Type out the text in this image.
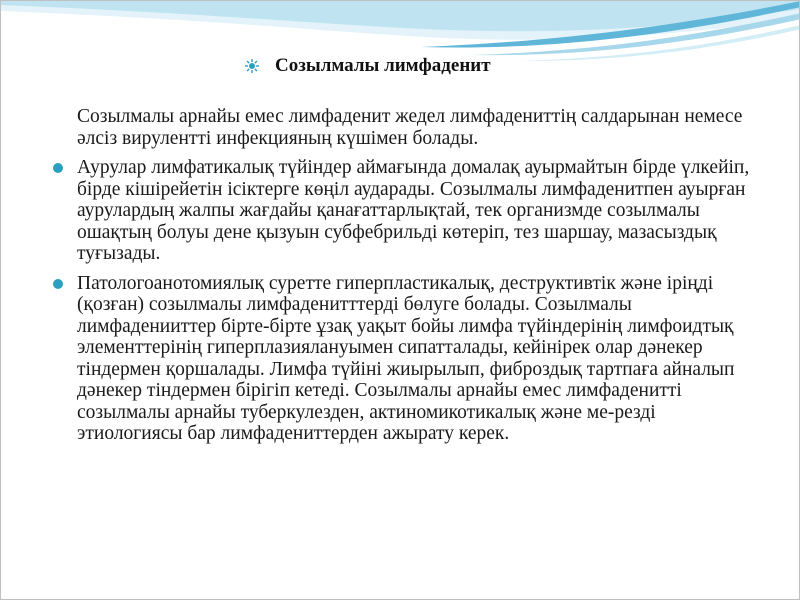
Созылмалы лимфаденит
Созылмалы арнайы емес лимфаденит жедел лимфадениттің салдарынан немесе әлсіз вирулентті инфекцияның күшімен болады.
Аурулар лимфатикалық түйіндер аймағында домалақ ауырмайтын бірде үлкейіп, бірде кішірейетін ісіктерге көңіл аударады. Созылмалы лимфаденитпен ауырған аурулардың жалпы жағдайы қанағаттарлықтай, тек организмде созылмалы ошақтың болуы дене қызуын субфебрильді көтеріп, тез шаршау, мазасыздық туғызады.
Патологоанотомиялық суретте гиперпластикалық, деструктивтік және іріңді (қозған) созылмалы лимфаденитттерді бөлуге болады. Созылмалы лимфаденииттер бірте-бірте ұзақ уақыт бойы лимфа түйіндерінің лимфоидтық элементтерінің гиперплазиялануымен сипатталады, кейінірек олар дәнекер тіндермен қоршалады. Лимфа түйіні жиырылып, фиброздық тартпаға айналып дәнекер тіндермен бірігіп кетеді. Созылмалы арнайы емес лимфаденитті созылмалы арнайы туберкулезден, актиномикотикалық және ме-резді этиологиясы бар лимфадениттерден ажырату керек.
